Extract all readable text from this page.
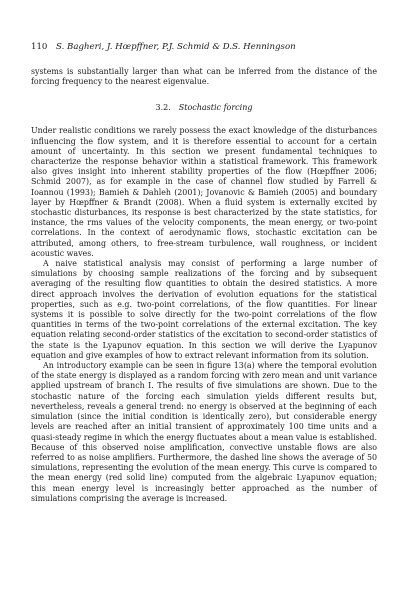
110 S. Bagheri, J. Hœpffner, P.J. Schmid & D.S. Henningson

systems is substantially larger than what can be inferred from the distance of the forcing frequency to the nearest eigenvalue.

3.2. Stochastic forcing

Under realistic conditions we rarely possess the exact knowledge of the disturbances influencing the flow system, and it is therefore essential to account for a certain amount of uncertainty. In this section we present fundamental techniques to characterize the response behavior within a statistical framework. This framework also gives insight into inherent stability properties of the flow (Hœpffner 2006; Schmid 2007), as for example in the case of channel flow studied by Farrell & Ioannou (1993); Bamieh & Dahleh (2001); Jovanovic & Bamieh (2005) and boundary layer by Hœpffner & Brandt (2008). When a fluid system is externally excited by stochastic disturbances, its response is best characterized by the state statistics, for instance, the rms values of the velocity components, the mean energy, or two-point correlations. In the context of aerodynamic flows, stochastic excitation can be attributed, among others, to free-stream turbulence, wall roughness, or incident acoustic waves.

A naive statistical analysis may consist of performing a large number of simulations by choosing sample realizations of the forcing and by subsequent averaging of the resulting flow quantities to obtain the desired statistics. A more direct approach involves the derivation of evolution equations for the statistical properties, such as e.g. two-point correlations, of the flow quantities. For linear systems it is possible to solve directly for the two-point correlations of the flow quantities in terms of the two-point correlations of the external excitation. The key equation relating second-order statistics of the excitation to second-order statistics of the state is the Lyapunov equation. In this section we will derive the Lyapunov equation and give examples of how to extract relevant information from its solution.

An introductory example can be seen in figure 13(a) where the temporal evolution of the state energy is displayed as a random forcing with zero mean and unit variance applied upstream of branch I. The results of five simulations are shown. Due to the stochastic nature of the forcing each simulation yields different results but, nevertheless, reveals a general trend: no energy is observed at the beginning of each simulation (since the initial condition is identically zero), but considerable energy levels are reached after an initial transient of approximately 100 time units and a quasi-steady regime in which the energy fluctuates about a mean value is established. Because of this observed noise amplification, convective unstable flows are also referred to as noise amplifiers. Furthermore, the dashed line shows the average of 50 simulations, representing the evolution of the mean energy. This curve is compared to the mean energy (red solid line) computed from the algebraic Lyapunov equation; this mean energy level is increasingly better approached as the number of simulations comprising the average is increased.
